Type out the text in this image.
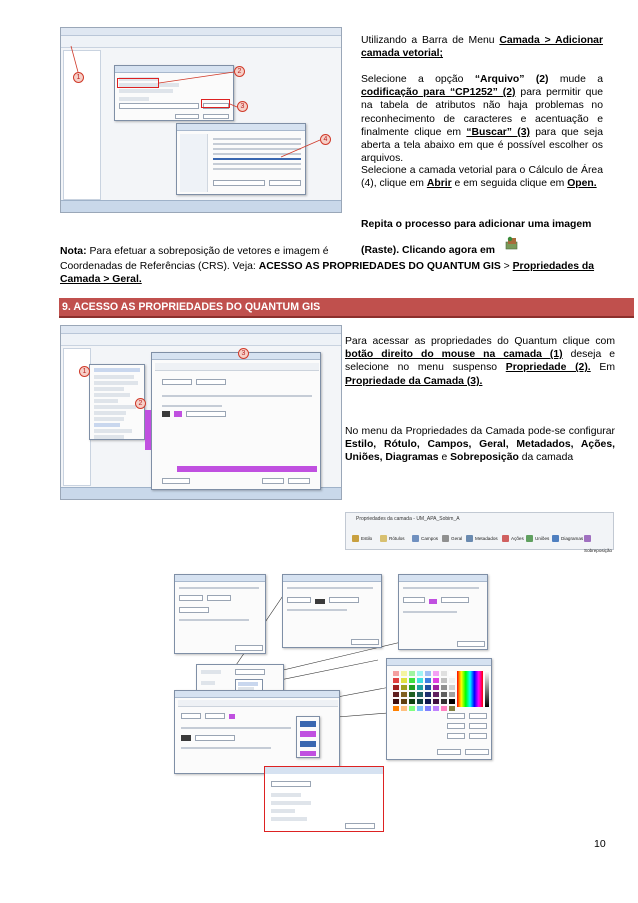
1
2
3
4
Utilizando a Barra de Menu Camada > Adicionar camada vetorial;
Selecione a opção “Arquivo” (2) mude a codificação para “CP1252” (2) para permitir que na tabela de atributos não haja problemas no reconhecimento de caracteres e acentuação e finalmente clique em “Buscar” (3) para que seja aberta a tela abaixo em que é possível escolher os arquivos.
Selecione a camada vetorial para o Cálculo de Área (4), clique em Abrir e em seguida clique em Open.
Repita o processo para adicionar uma imagem
(Raste). Clicando agora em
Nota: Para efetuar a sobreposição de vetores e imagem é
Coordenadas de Referências (CRS). Veja: ACESSO AS PROPRIEDADES DO QUANTUM GIS > Propriedades da Camada > Geral.
9. ACESSO AS PROPRIEDADES DO QUANTUM GIS
1
2
3
Para acessar as propriedades do Quantum clique com botão direito do mouse na camada (1) deseja e selecione no menu suspenso Propriedade (2). Em Propriedade da Camada (3).
No menu da Propriedades da Camada pode-se configurar Estilo, Rótulo, Campos, Geral, Metadados, Ações, Uniões, Diagramas e Sobreposição da camada
Propriedades da camada - UM_APA_Sobim_A
Estilo	Rótulos	Campos	Geral	Metadados	Ações	Uniões	Diagramas
Sobreposição
10
